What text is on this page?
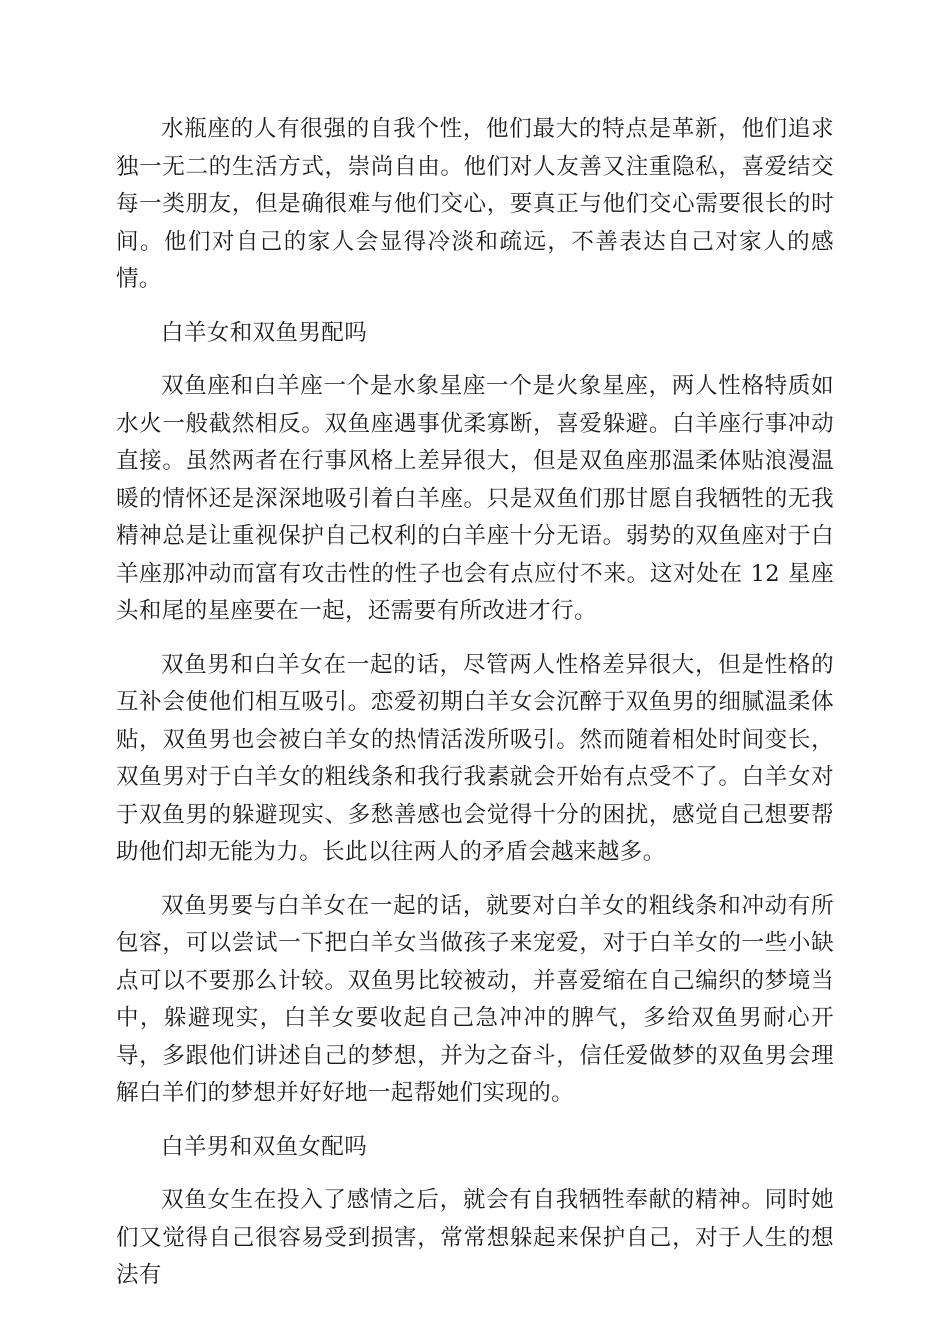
水瓶座的人有很强的自我个性，他们最大的特点是革新，他们追求独一无二的生活方式，崇尚自由。他们对人友善又注重隐私，喜爱结交每一类朋友，但是确很难与他们交心，要真正与他们交心需要很长的时间。他们对自己的家人会显得冷淡和疏远，不善表达自己对家人的感情。

白羊女和双鱼男配吗

双鱼座和白羊座一个是水象星座一个是火象星座，两人性格特质如水火一般截然相反。双鱼座遇事优柔寡断，喜爱躲避。白羊座行事冲动直接。虽然两者在行事风格上差异很大，但是双鱼座那温柔体贴浪漫温暖的情怀还是深深地吸引着白羊座。只是双鱼们那甘愿自我牺牲的无我精神总是让重视保护自己权利的白羊座十分无语。弱势的双鱼座对于白羊座那冲动而富有攻击性的性子也会有点应付不来。这对处在 12 星座头和尾的星座要在一起，还需要有所改进才行。

双鱼男和白羊女在一起的话，尽管两人性格差异很大，但是性格的互补会使他们相互吸引。恋爱初期白羊女会沉醉于双鱼男的细腻温柔体贴，双鱼男也会被白羊女的热情活泼所吸引。然而随着相处时间变长，双鱼男对于白羊女的粗线条和我行我素就会开始有点受不了。白羊女对于双鱼男的躲避现实、多愁善感也会觉得十分的困扰，感觉自己想要帮助他们却无能为力。长此以往两人的矛盾会越来越多。

双鱼男要与白羊女在一起的话，就要对白羊女的粗线条和冲动有所包容，可以尝试一下把白羊女当做孩子来宠爱，对于白羊女的一些小缺点可以不要那么计较。双鱼男比较被动，并喜爱缩在自己编织的梦境当中，躲避现实，白羊女要收起自己急冲冲的脾气，多给双鱼男耐心开导，多跟他们讲述自己的梦想，并为之奋斗，信任爱做梦的双鱼男会理解白羊们的梦想并好好地一起帮她们实现的。

白羊男和双鱼女配吗

双鱼女生在投入了感情之后，就会有自我牺牲奉献的精神。同时她们又觉得自己很容易受到损害，常常想躲起来保护自己，对于人生的想法有
